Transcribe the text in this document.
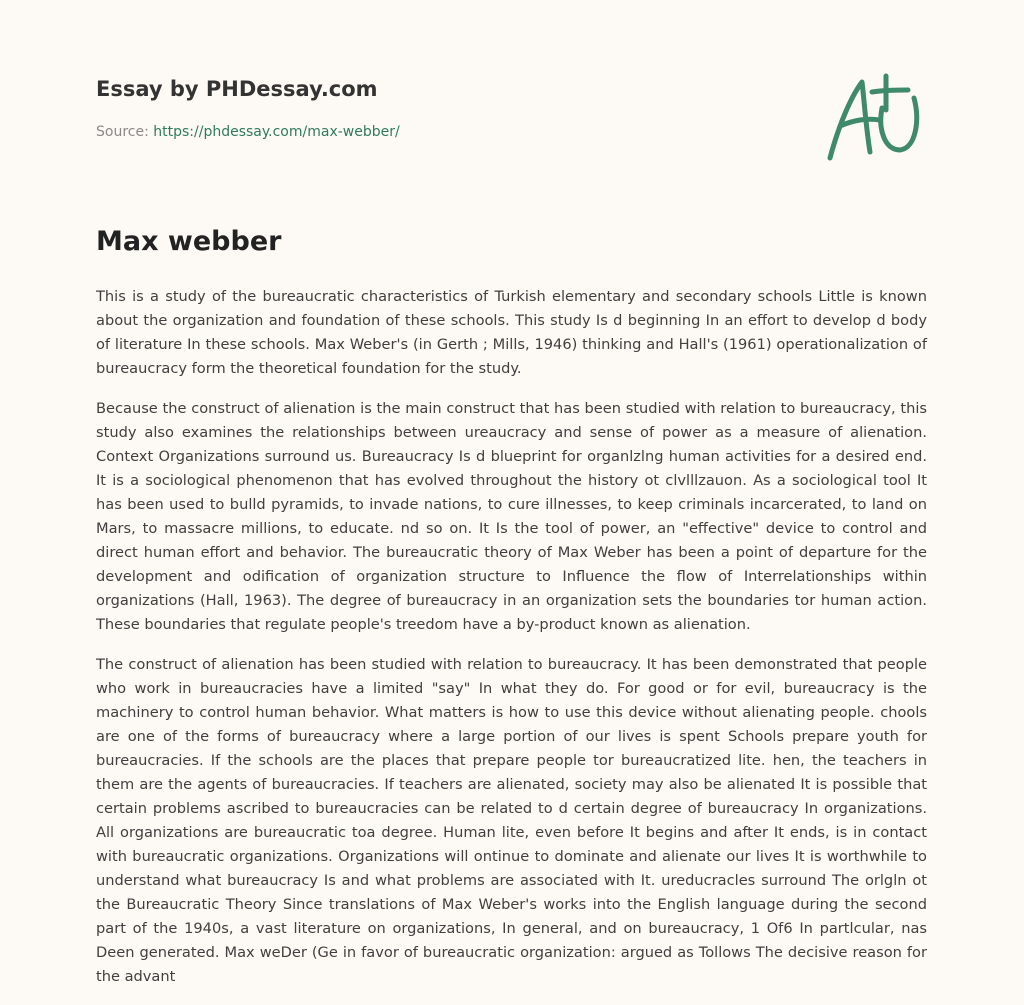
Essay by PHDessay.com
Source: https://phdessay.com/max-webber/
Max webber

This is a study of the bureaucratic characteristics of Turkish elementary and secondary schools Little is known about the organization and foundation of these schools. This study Is d beginning In an effort to develop d body of literature In these schools. Max Weber's (in Gerth ; Mills, 1946) thinking and Hall's (1961) operationalization of bureaucracy form the theoretical foundation for the study.

Because the construct of alienation is the main construct that has been studied with relation to bureaucracy, this study also examines the relationships between ureaucracy and sense of power as a measure of alienation. Context Organizations surround us. Bureaucracy Is d blueprint for organlzlng human activities for a desired end. It is a sociological phenomenon that has evolved throughout the history ot clvlllzauon. As a sociological tool It has been used to bulld pyramids, to invade nations, to cure illnesses, to keep criminals incarcerated, to land on Mars, to massacre millions, to educate. nd so on. It Is the tool of power, an "effective" device to control and direct human effort and behavior. The bureaucratic theory of Max Weber has been a point of departure for the development and odification of organization structure to Influence the flow of Interrelationships within organizations (Hall, 1963). The degree of bureaucracy in an organization sets the boundaries tor human action. These boundaries that regulate people's treedom have a by-product known as alienation.

The construct of alienation has been studied with relation to bureaucracy. It has been demonstrated that people who work in bureaucracies have a limited "say" In what they do. For good or for evil, bureaucracy is the machinery to control human behavior. What matters is how to use this device without alienating people. chools are one of the forms of bureaucracy where a large portion of our lives is spent Schools prepare youth for bureaucracies. If the schools are the places that prepare people tor bureaucratized lite. hen, the teachers in them are the agents of bureaucracies. If teachers are alienated, society may also be alienated It is possible that certain problems ascribed to bureaucracies can be related to d certain degree of bureaucracy In organizations. All organizations are bureaucratic toa degree. Human lite, even before It begins and after It ends, is in contact with bureaucratic organizations. Organizations will ontinue to dominate and alienate our lives It is worthwhile to understand what bureaucracy Is and what problems are associated with It. ureducracles surround The orlgln ot the Bureaucratic Theory Since translations of Max Weber's works into the English language during the second part of the 1940s, a vast literature on organizations, In general, and on bureaucracy, 1 Of6 In partlcular, nas Deen generated. Max weDer (Ge in favor of bureaucratic organization: argued as Tollows The decisive reason for the advant
